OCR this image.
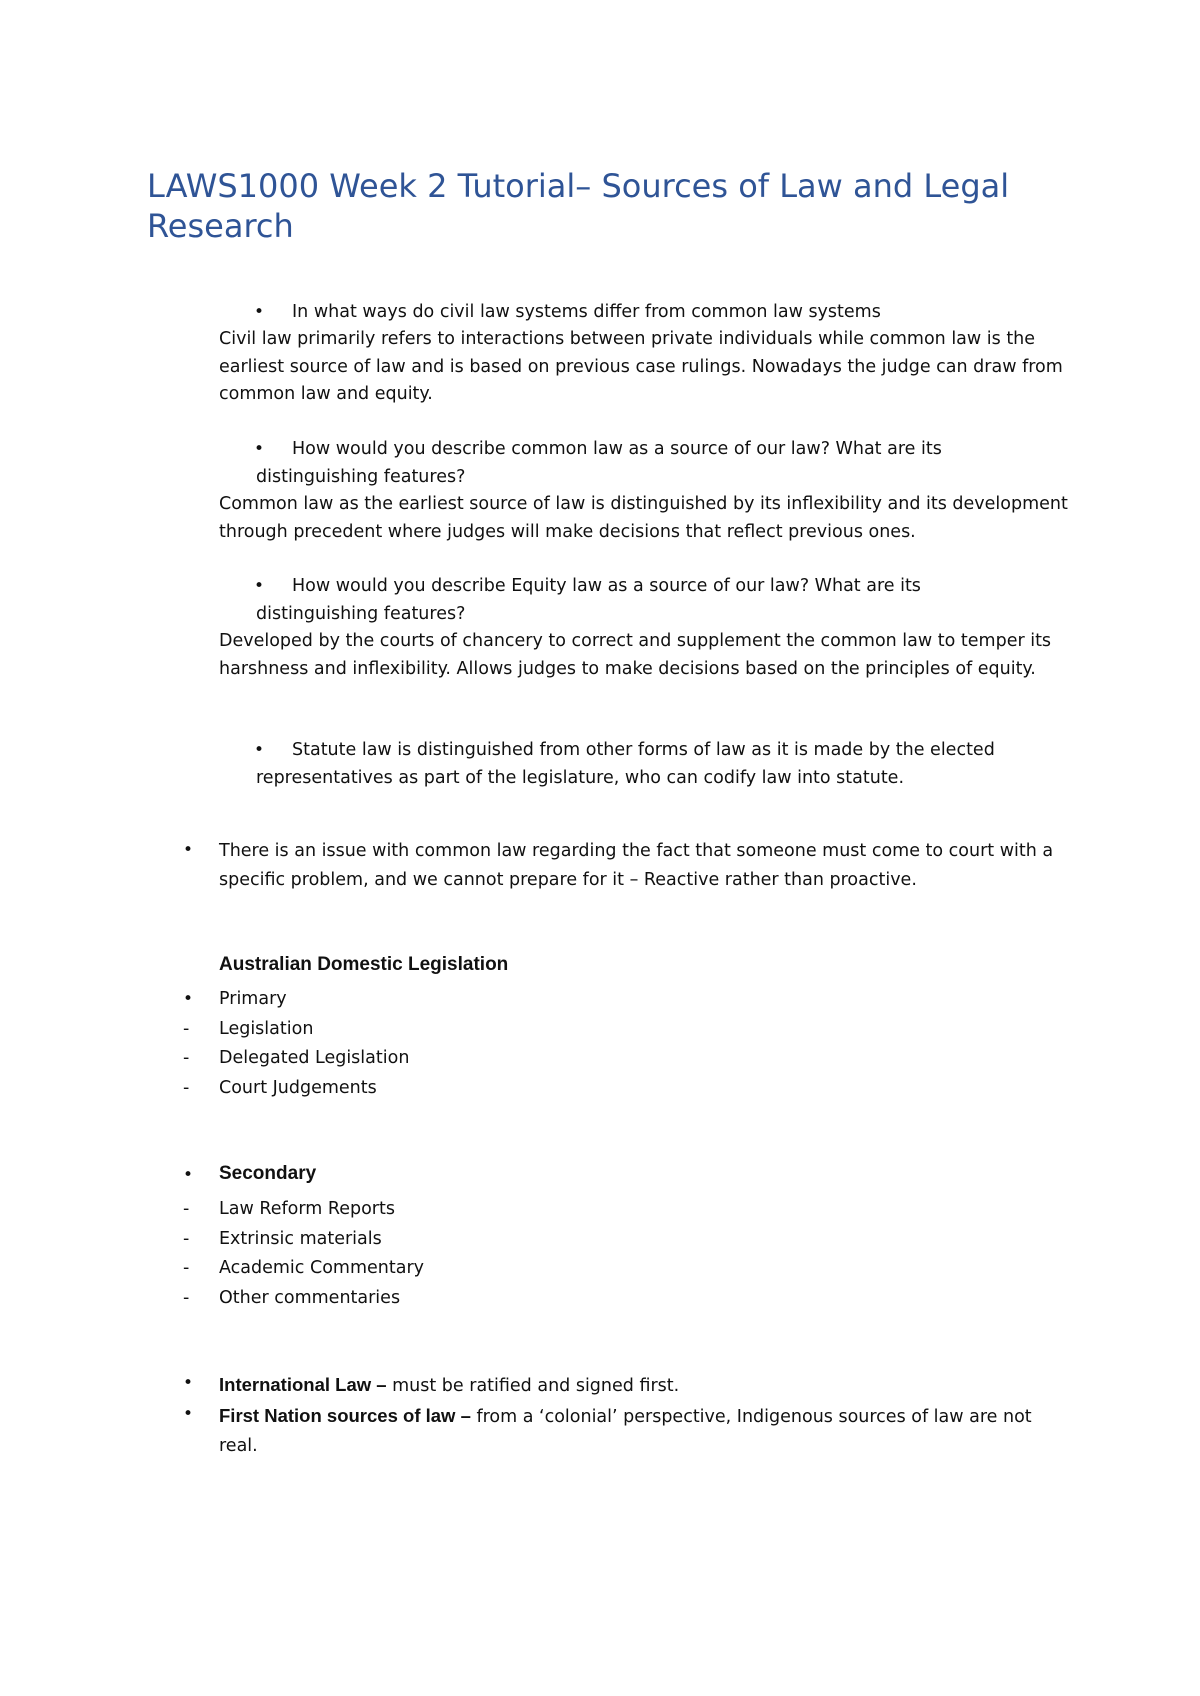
LAWS1000 Week 2 Tutorial– Sources of Law and Legal Research
• In what ways do civil law systems differ from common law systems
Civil law primarily refers to interactions between private individuals while common law is the earliest source of law and is based on previous case rulings. Nowadays the judge can draw from common law and equity.
•	How would you describe common law as a source of our law? What are its distinguishing features?
Common law as the earliest source of law is distinguished by its inflexibility and its development through precedent where judges will make decisions that reflect previous ones.
•	How would you describe Equity law as a source of our law? What are its distinguishing features?
Developed by the courts of chancery to correct and supplement the common law to temper its harshness and inflexibility. Allows judges to make decisions based on the principles of equity.
•	Statute law is distinguished from other forms of law as it is made by the elected representatives as part of the legislature, who can codify law into statute.
• There is an issue with common law regarding the fact that someone must come to court with a specific problem, and we cannot prepare for it – Reactive rather than proactive.
Australian Domestic Legislation
• Primary
- Legislation
- Delegated Legislation
- Court Judgements
• Secondary
- Law Reform Reports
- Extrinsic materials
- Academic Commentary
- Other commentaries
• International Law – must be ratified and signed first.
• First Nation sources of law – from a ‘colonial’ perspective, Indigenous sources of law are not real.
